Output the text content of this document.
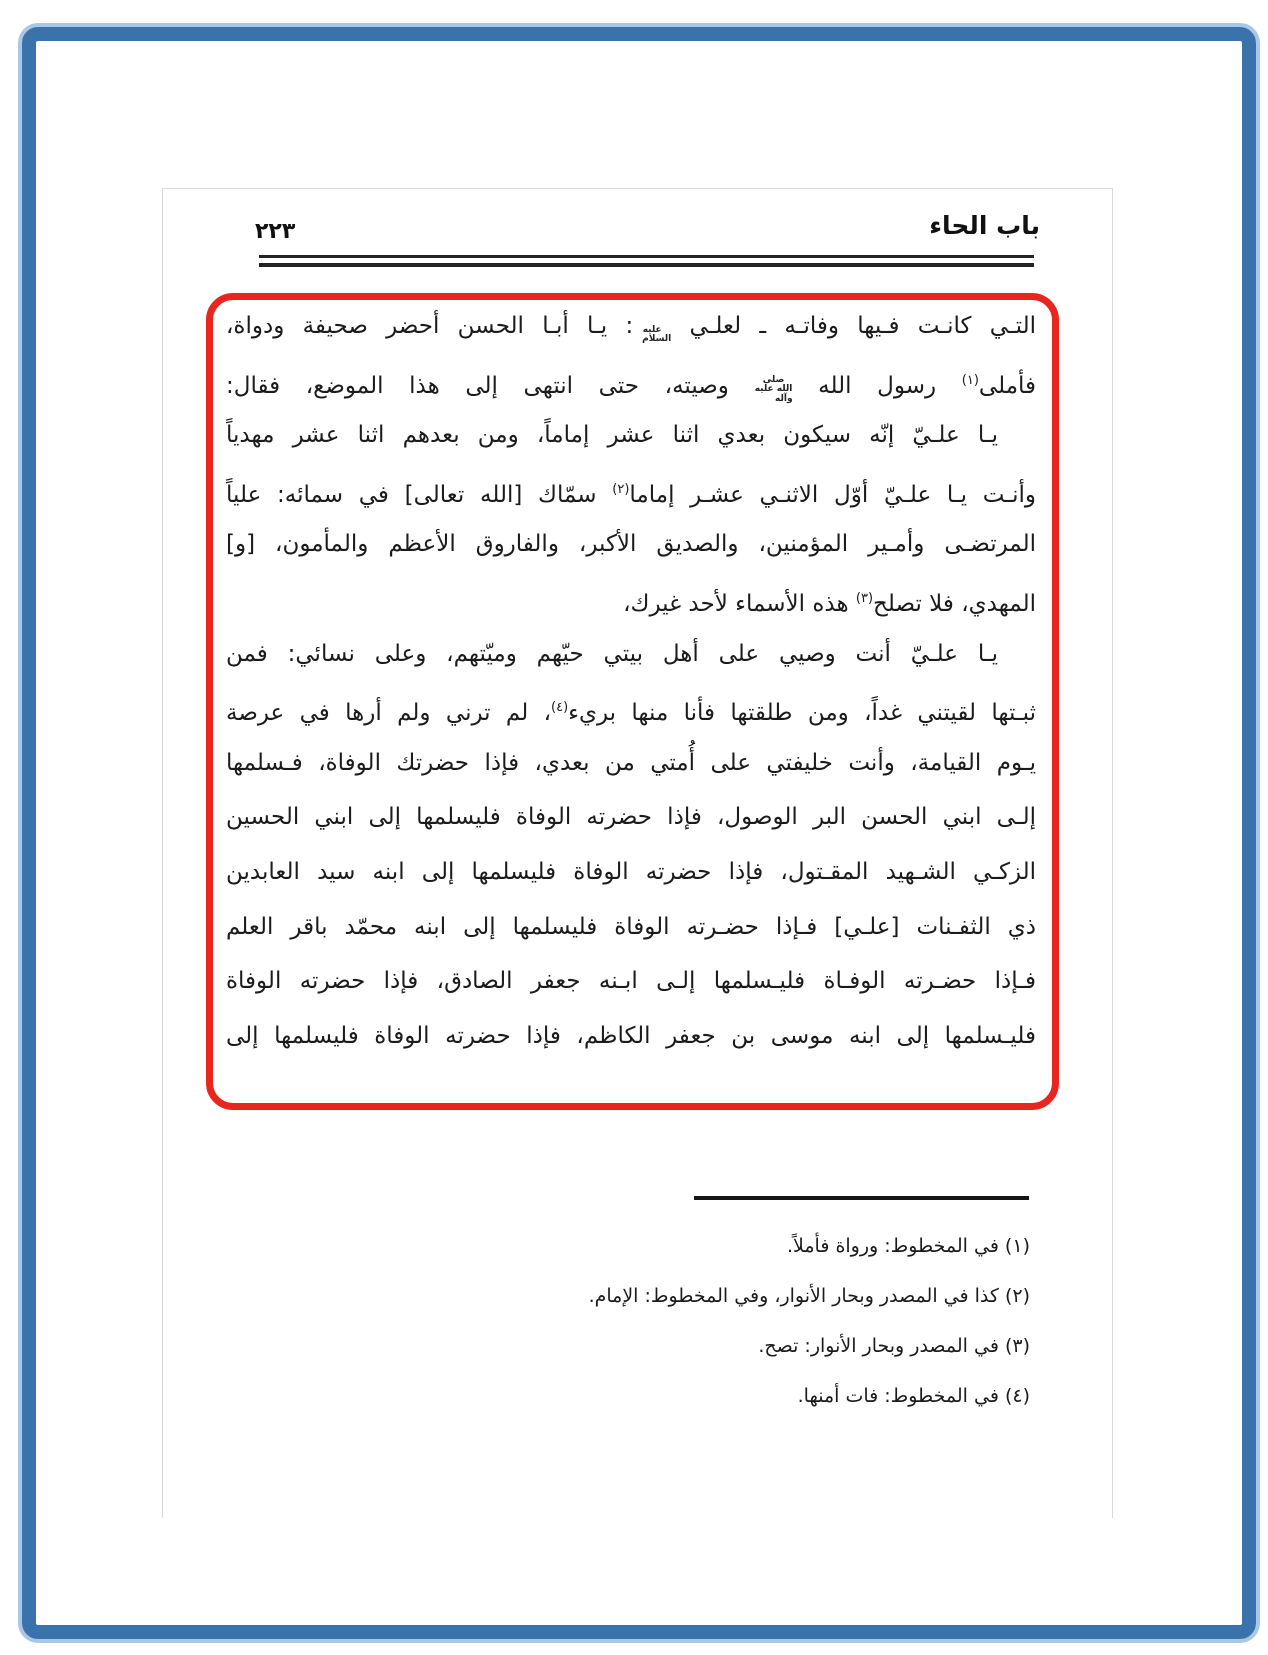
٢٢٣	باب الحاء
التـي كانـت فـيها وفاتـه ـ لعلـي عليه السلام: يـا أبـا الحسن أحضر صحيفة ودواة،
فأملى$^{(١)}$ رسول الله صلى الله عليه وآله وصيته، حتى انتهى إلى هذا الموضع، فقال:
يـا علـيّ إنّه سيكون بعدي اثنا عشر إماماً، ومن بعدهم اثنا عشر مهدياً
وأنـت يـا علـيّ أوّل الاثنـي عشـر إماما$^{(٢)}$ سمّاك [الله تعالى] في سمائه: علياً
المرتضـى وأمـير المؤمنين، والصديق الأكبر، والفاروق الأعظم والمأمون، [و]
المهدي، فلا تصلح$^{(٣)}$ هذه الأسماء لأحد غيرك،
يـا علـيّ أنت وصيي على أهل بيتي حيّهم وميّتهم، وعلى نسائي: فمن
ثبـتها لقيتني غداً، ومن طلقتها فأنا منها بريء$^{(٤)}$، لم ترني ولم أرها في عرصة
يـوم القيامة، وأنت خليفتي على أُمتي من بعدي، فإذا حضرتك الوفاة، فـسلمها
إلـى ابني الحسن البر الوصول، فإذا حضرته الوفاة فليسلمها إلى ابني الحسين
الزكـي الشـهيد المقـتول، فإذا حضرته الوفاة فليسلمها إلى ابنه سيد العابدين
ذي الثفـنات [علـي] فـإذا حضـرته الوفاة فليسلمها إلى ابنه محمّد باقر العلم
فـإذا حضـرته الوفـاة فليـسلمها إلـى ابـنه جعفر الصادق، فإذا حضرته الوفاة
فليـسلمها إلى ابنه موسى بن جعفر الكاظم، فإذا حضرته الوفاة فليسلمها إلى
(١) في المخطوط: ورواة فأملاً.
(٢) كذا في المصدر وبحار الأنوار، وفي المخطوط: الإمام.
(٣) في المصدر وبحار الأنوار: تصح.
(٤) في المخطوط: فات أمنها.
